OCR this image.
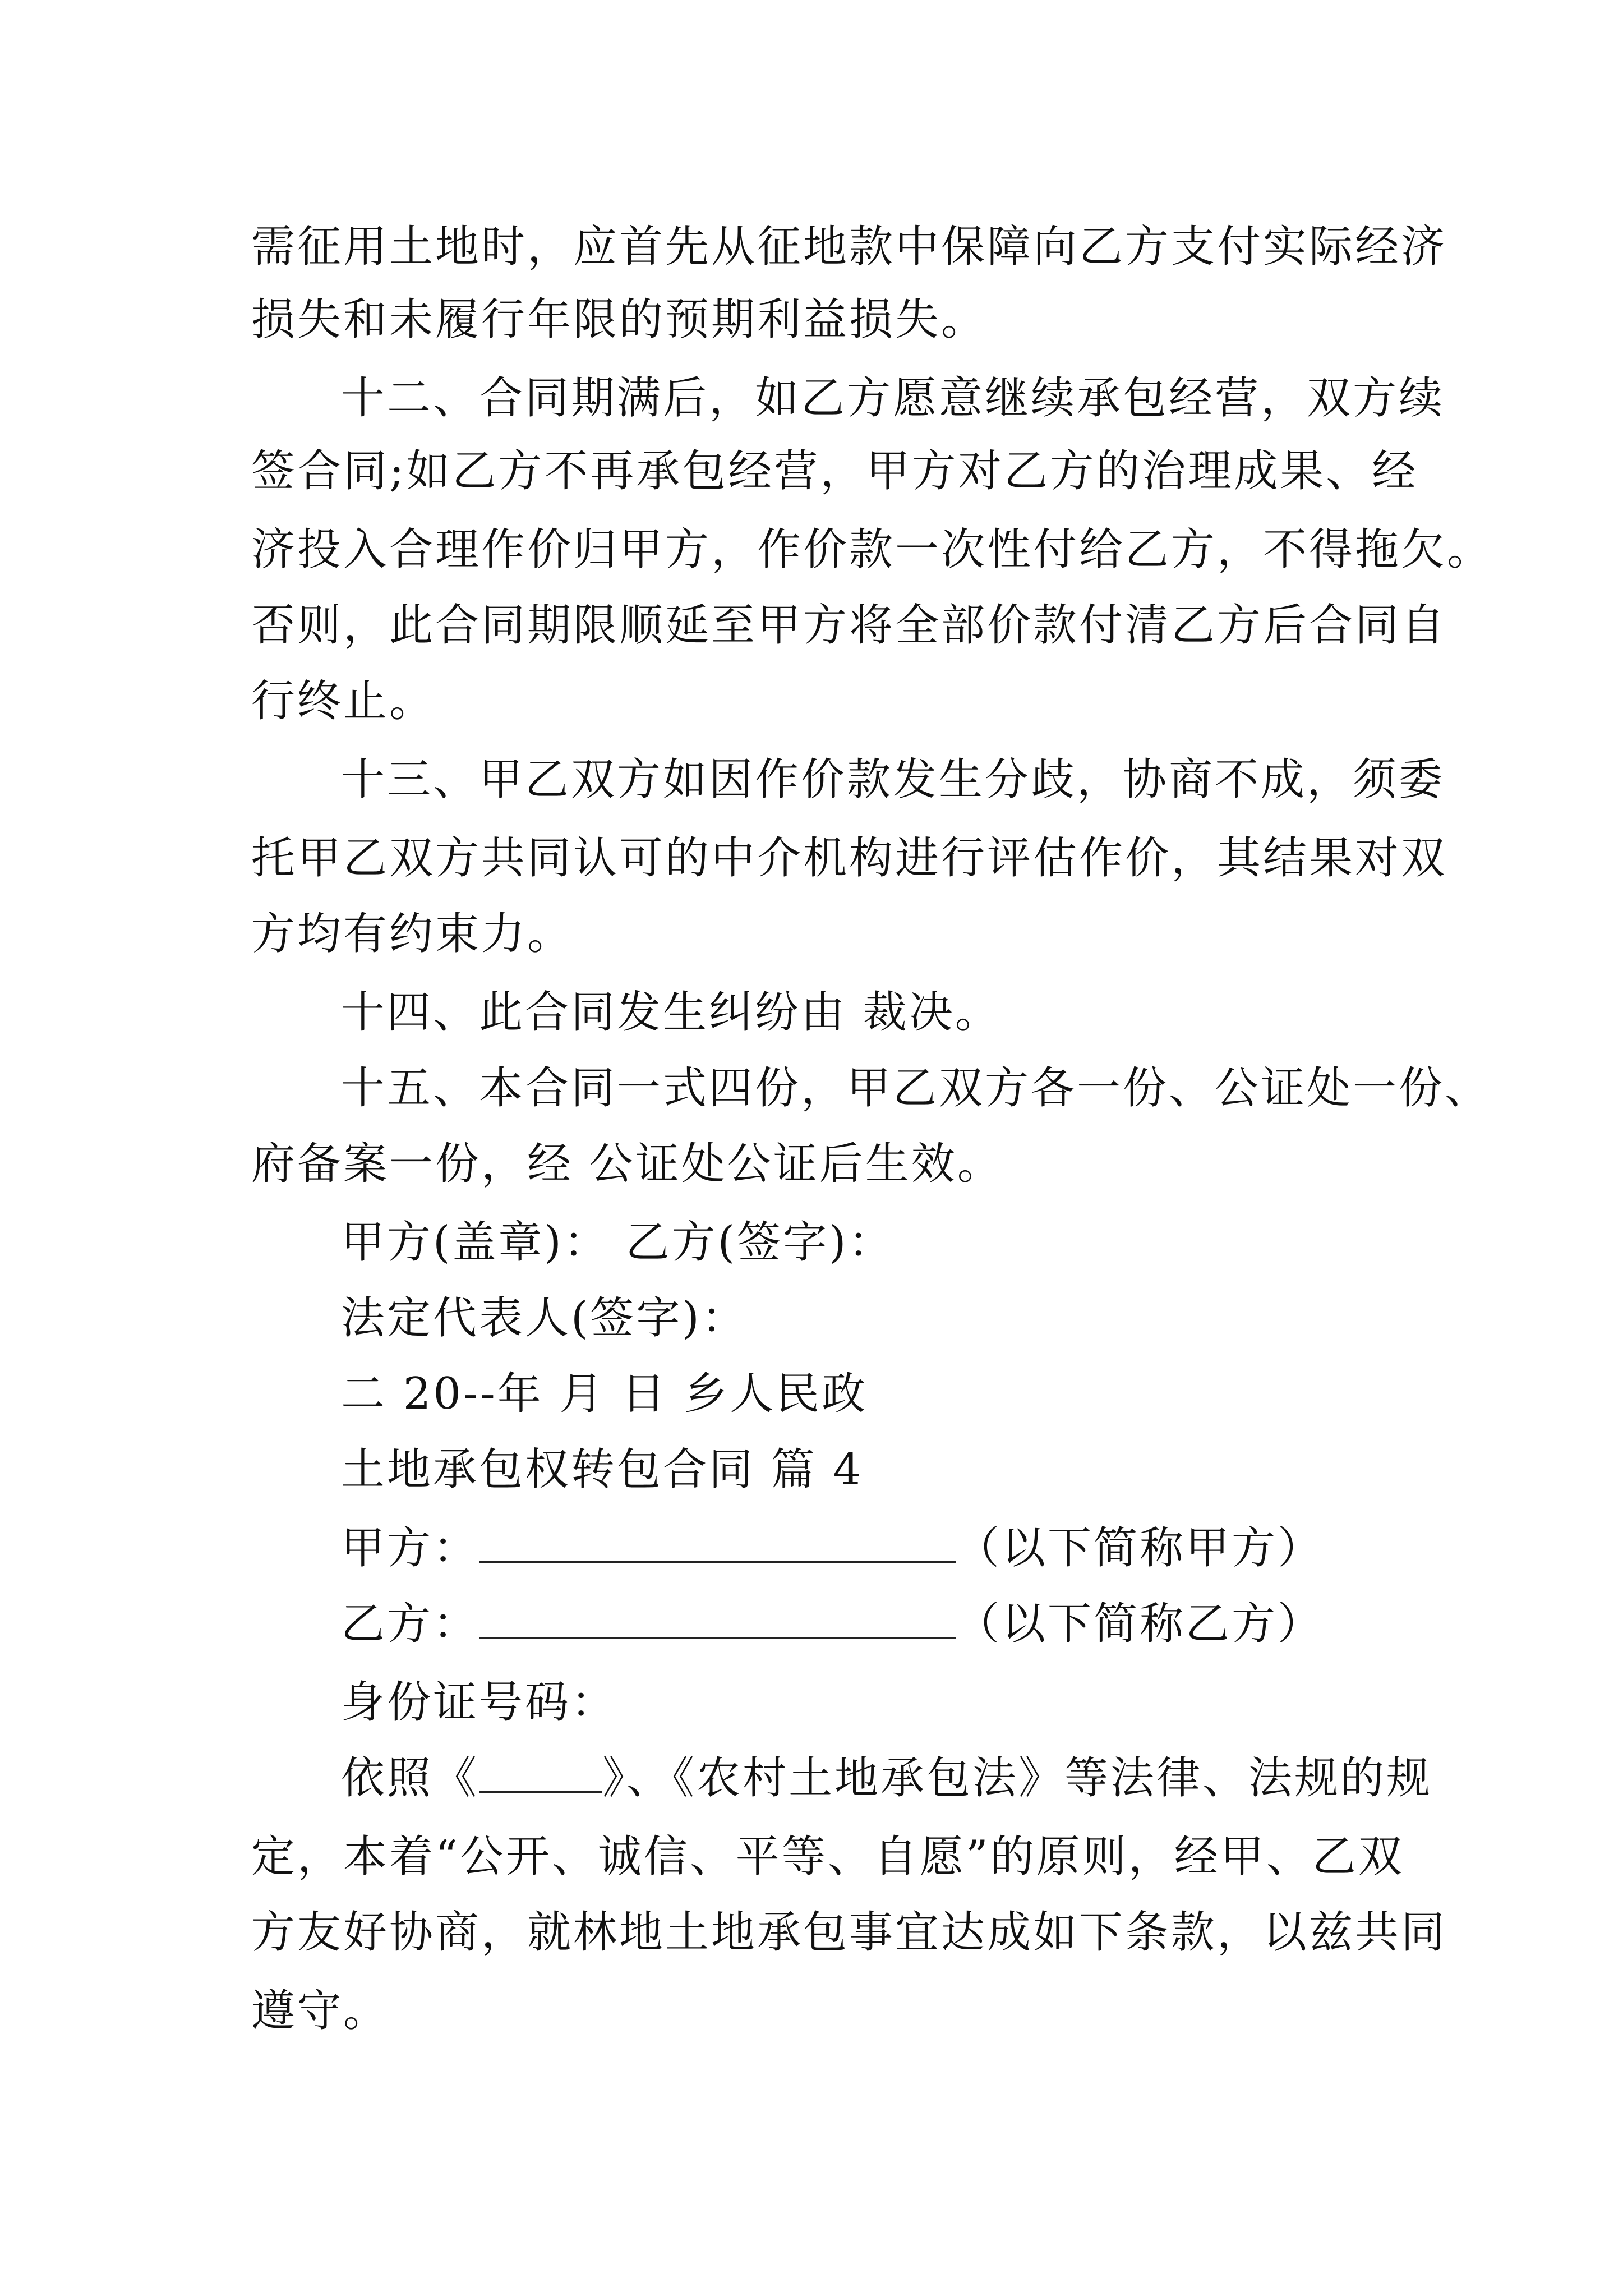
需征用土地时，应首先从征地款中保障向乙方支付实际经济
损失和未履行年限的预期利益损失。
十二、合同期满后，如乙方愿意继续承包经营，双方续
签合同;如乙方不再承包经营，甲方对乙方的治理成果、经
济投入合理作价归甲方，作价款一次性付给乙方，不得拖欠。
否则，此合同期限顺延至甲方将全部价款付清乙方后合同自
行终止。
十三、甲乙双方如因作价款发生分歧，协商不成，须委
托甲乙双方共同认可的中介机构进行评估作价，其结果对双
方均有约束力。
十四、此合同发生纠纷由 裁决。
十五、本合同一式四份，甲乙双方各一份、公证处一份、
府备案一份，经 公证处公证后生效。
甲方(盖章)： 乙方(签字)：
法定代表人(签字)：
二 20--年 月 日 乡人民政
土地承包权转包合同 篇 4
甲方：	（以下简称甲方）
乙方：	（以下简称乙方）
身份证号码：
依照《	》、《农村土地承包法》等法律、法规的规
定，本着“公开、诚信、平等、自愿”的原则，经甲、乙双
方友好协商，就林地土地承包事宜达成如下条款，以兹共同
遵守。
